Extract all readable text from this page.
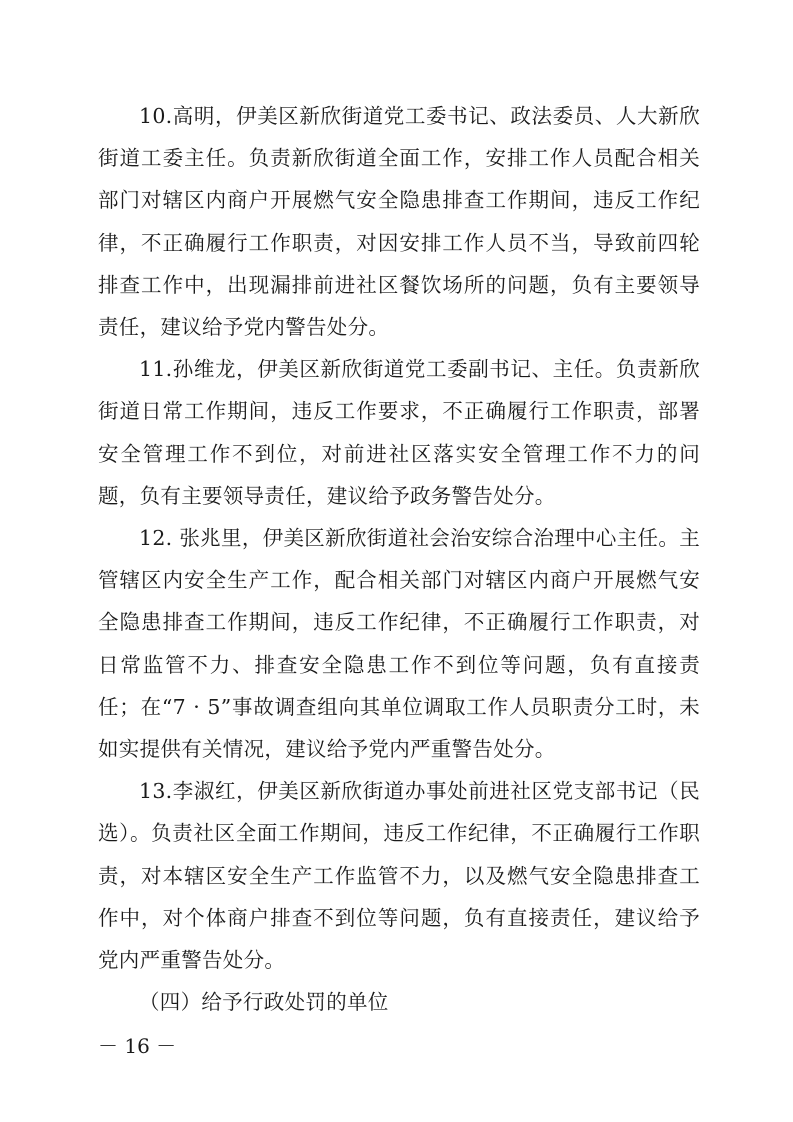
10.高明，伊美区新欣街道党工委书记、政法委员、人大新欣街道工委主任。负责新欣街道全面工作，安排工作人员配合相关部门对辖区内商户开展燃气安全隐患排查工作期间，违反工作纪律，不正确履行工作职责，对因安排工作人员不当，导致前四轮排查工作中，出现漏排前进社区餐饮场所的问题，负有主要领导责任，建议给予党内警告处分。

11.孙维龙，伊美区新欣街道党工委副书记、主任。负责新欣街道日常工作期间，违反工作要求，不正确履行工作职责，部署安全管理工作不到位，对前进社区落实安全管理工作不力的问题，负有主要领导责任，建议给予政务警告处分。

12. 张兆里，伊美区新欣街道社会治安综合治理中心主任。主管辖区内安全生产工作，配合相关部门对辖区内商户开展燃气安全隐患排查工作期间，违反工作纪律，不正确履行工作职责，对日常监管不力、排查安全隐患工作不到位等问题，负有直接责任；在“7 · 5”事故调查组向其单位调取工作人员职责分工时，未如实提供有关情况，建议给予党内严重警告处分。

13.李淑红，伊美区新欣街道办事处前进社区党支部书记（民选）。负责社区全面工作期间，违反工作纪律，不正确履行工作职责，对本辖区安全生产工作监管不力，以及燃气安全隐患排查工作中，对个体商户排查不到位等问题，负有直接责任，建议给予党内严重警告处分。

（四）给予行政处罚的单位

－ 16 －
